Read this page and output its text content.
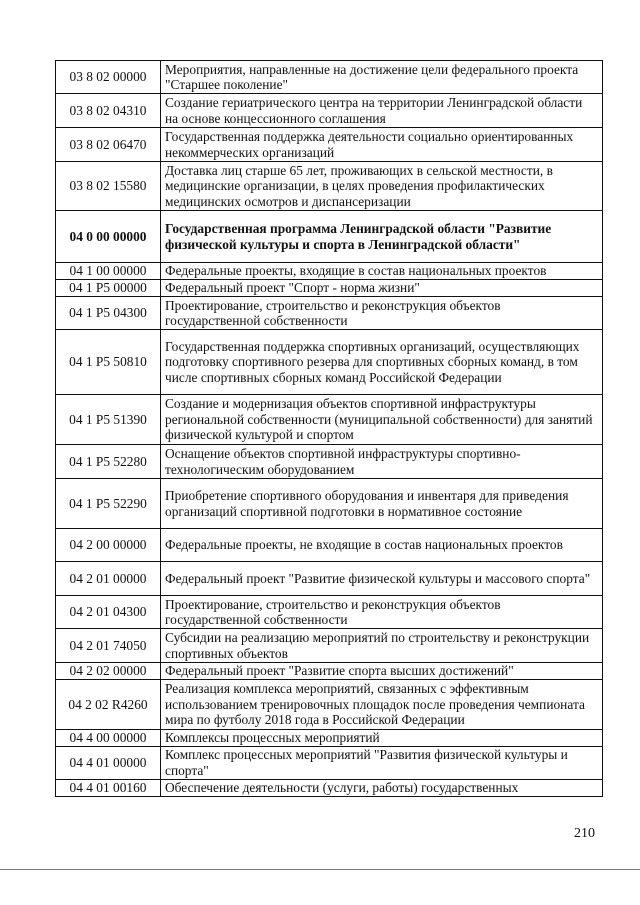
03 8 02 00000	Мероприятия, направленные на достижение цели федерального проекта "Старшее поколение"
03 8 02 04310	Создание гериатрического центра на территории Ленинградской области на основе концессионного соглашения
03 8 02 06470	Государственная поддержка деятельности социально ориентированных некоммерческих организаций
03 8 02 15580	Доставка лиц старше 65 лет, проживающих в сельской местности, в медицинские организации, в целях проведения профилактических медицинских осмотров и диспансеризации
04 0 00 00000	Государственная программа Ленинградской области "Развитие физической культуры и спорта в Ленинградской области"
04 1 00 00000	Федеральные проекты, входящие в состав национальных проектов
04 1 P5 00000	Федеральный проект "Спорт - норма жизни"
04 1 P5 04300	Проектирование, строительство и реконструкция объектов государственной собственности
04 1 P5 50810	Государственная поддержка спортивных организаций, осуществляющих подготовку спортивного резерва для спортивных сборных команд, в том числе спортивных сборных команд Российской Федерации
04 1 P5 51390	Создание и модернизация объектов спортивной инфраструктуры региональной собственности (муниципальной собственности) для занятий физической культурой и спортом
04 1 P5 52280	Оснащение объектов спортивной инфраструктуры спортивно-технологическим оборудованием
04 1 P5 52290	Приобретение спортивного оборудования и инвентаря для приведения организаций спортивной подготовки в нормативное состояние
04 2 00 00000	Федеральные проекты, не входящие в состав национальных проектов
04 2 01 00000	Федеральный проект "Развитие физической культуры и массового спорта"
04 2 01 04300	Проектирование, строительство и реконструкция объектов государственной собственности
04 2 01 74050	Субсидии на реализацию мероприятий по строительству и реконструкции спортивных объектов
04 2 02 00000	Федеральный проект "Развитие спорта высших достижений"
04 2 02 R4260	Реализация комплекса мероприятий, связанных с эффективным использованием тренировочных площадок после проведения чемпионата мира по футболу 2018 года в Российской Федерации
04 4 00 00000	Комплексы процессных мероприятий
04 4 01 00000	Комплекс процессных мероприятий "Развития физической культуры и спорта"
04 4 01 00160	Обеспечение деятельности (услуги, работы) государственных
210
